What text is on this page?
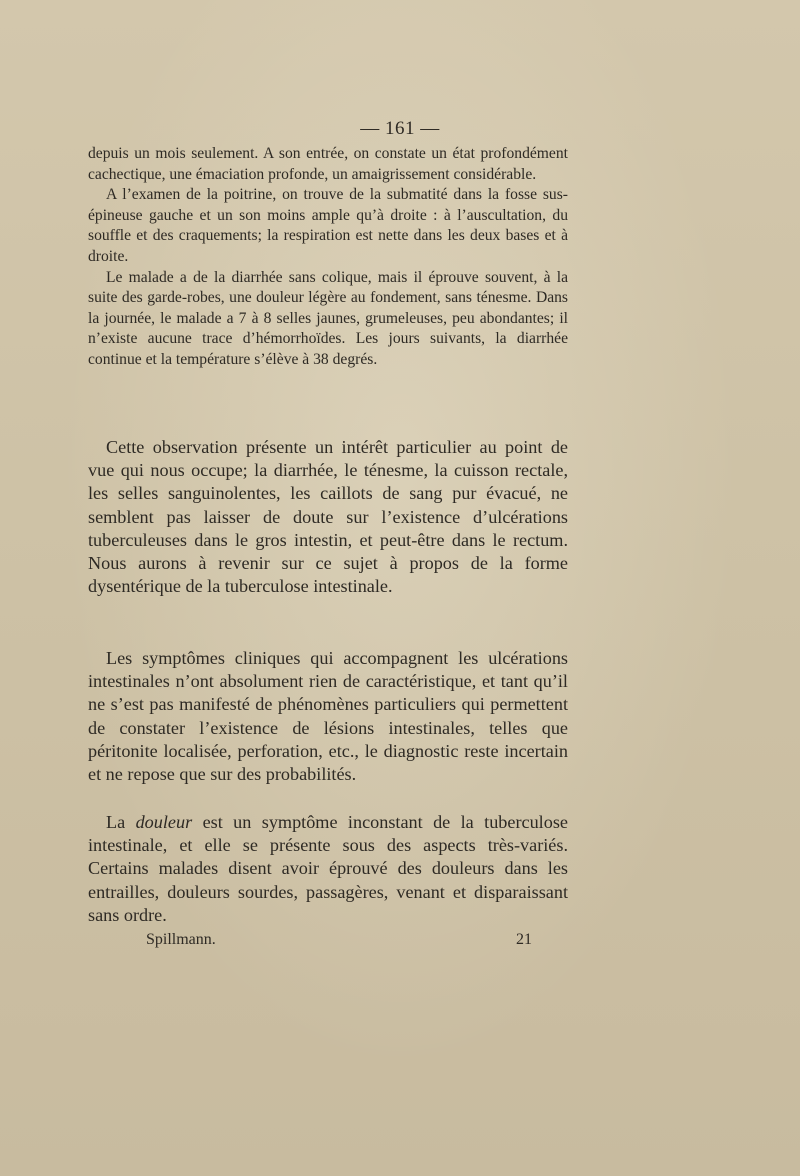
— 161 —

depuis un mois seulement. A son entrée, on constate un état profondément cachectique, une émaciation profonde, un amaigrissement considérable.

A l’examen de la poitrine, on trouve de la submatité dans la fosse sus-épineuse gauche et un son moins ample qu’à droite : à l’auscultation, du souffle et des craquements; la respiration est nette dans les deux bases et à droite.

Le malade a de la diarrhée sans colique, mais il éprouve souvent, à la suite des garde-robes, une douleur légère au fondement, sans ténesme. Dans la journée, le malade a 7 à 8 selles jaunes, grumeleuses, peu abondantes; il n’existe aucune trace d’hémorrhoïdes. Les jours suivants, la diarrhée continue et la température s’élève à 38 degrés.

Cette observation présente un intérêt particulier au point de vue qui nous occupe; la diarrhée, le ténesme, la cuisson rectale, les selles sanguinolentes, les caillots de sang pur évacué, ne semblent pas laisser de doute sur l’existence d’ulcérations tuberculeuses dans le gros intestin, et peut-être dans le rectum. Nous aurons à revenir sur ce sujet à propos de la forme dysentérique de la tuberculose intestinale.

Les symptômes cliniques qui accompagnent les ulcérations intestinales n’ont absolument rien de caractéristique, et tant qu’il ne s’est pas manifesté de phénomènes particuliers qui permettent de constater l’existence de lésions intestinales, telles que péritonite localisée, perforation, etc., le diagnostic reste incertain et ne repose que sur des probabilités.

La douleur est un symptôme inconstant de la tuberculose intestinale, et elle se présente sous des aspects très-variés. Certains malades disent avoir éprouvé des douleurs dans les entrailles, douleurs sourdes, passagères, venant et disparaissant sans ordre.

Spillmann.	21
